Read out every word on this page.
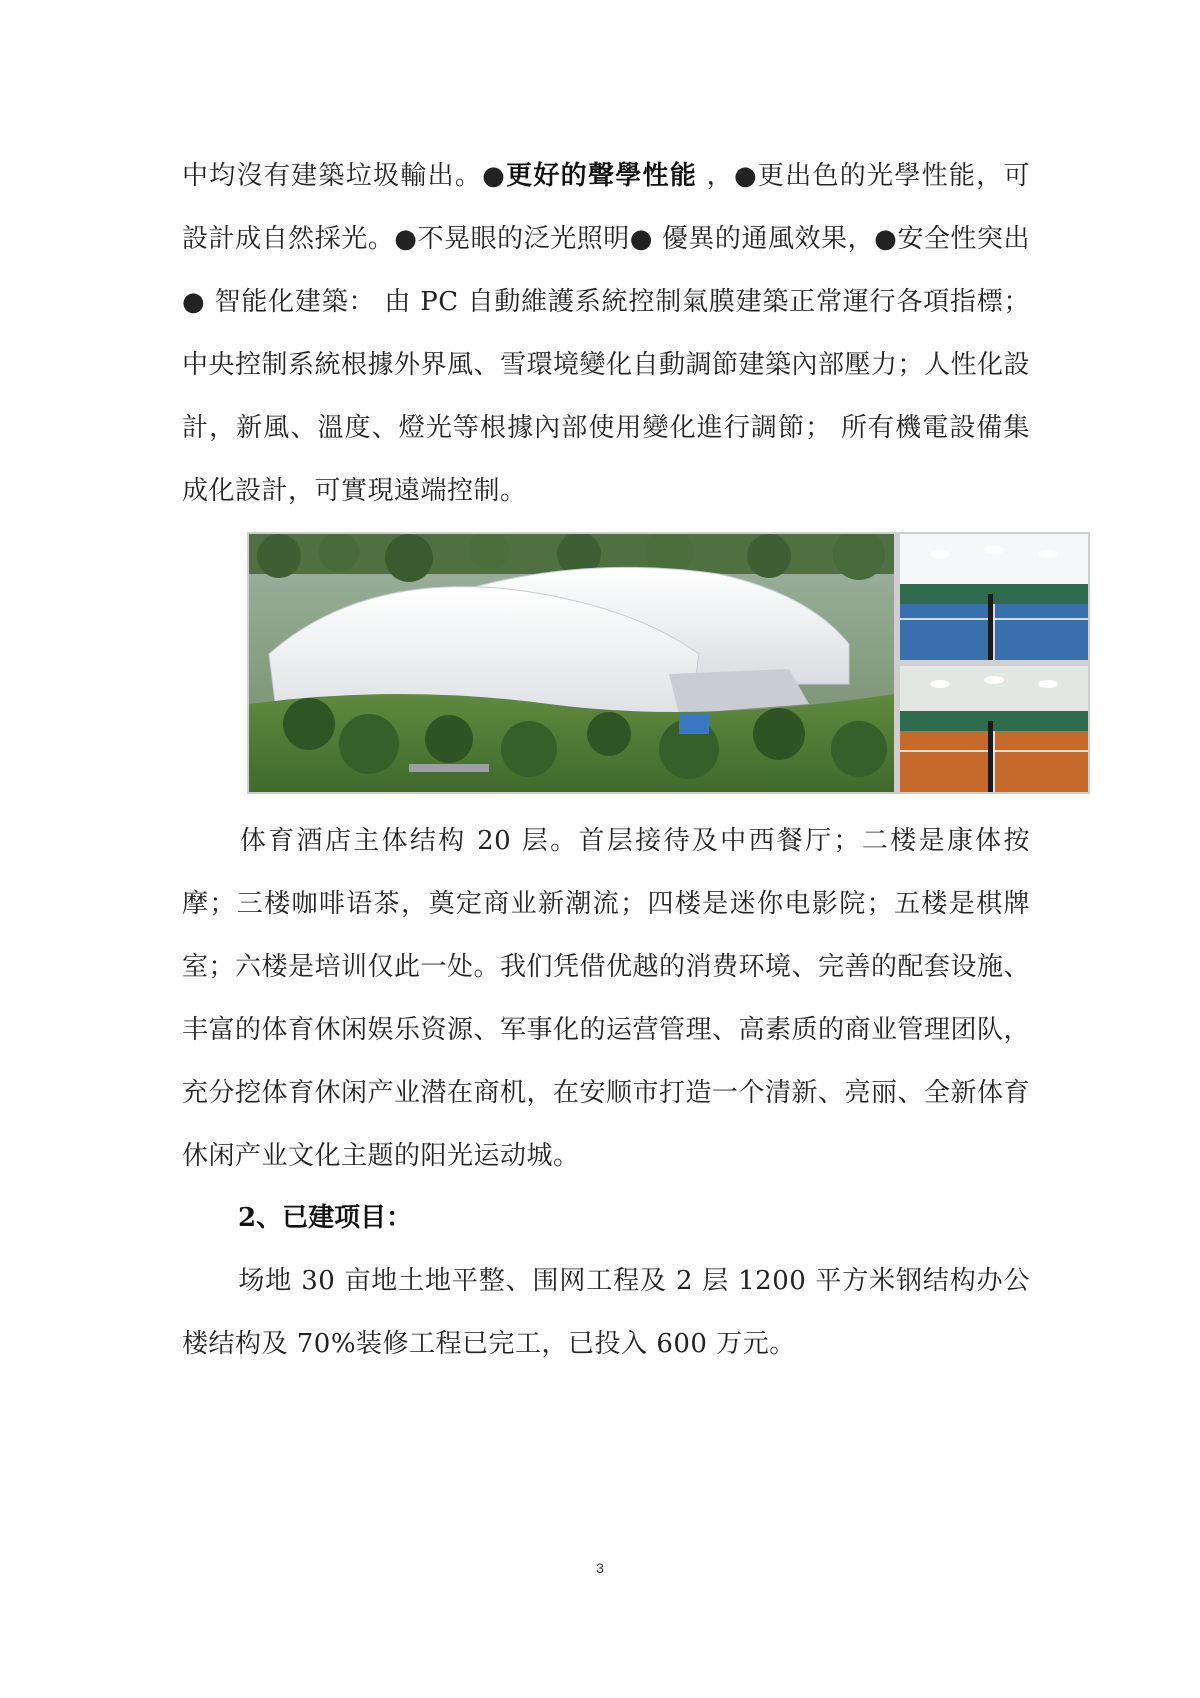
中均沒有建築垃圾輸出。●更好的聲學性能 ，●更出色的光學性能，可設計成自然採光。●不晃眼的泛光照明● 優異的通風效果，●安全性突出● 智能化建築： 由 PC 自動維護系統控制氣膜建築正常運行各項指標；中央控制系統根據外界風、雪環境變化自動調節建築內部壓力；人性化設計，新風、溫度、燈光等根據內部使用變化進行調節； 所有機電設備集成化設計，可實現遠端控制。
体育酒店主体结构 20 层。首层接待及中西餐厅；二楼是康体按摩；三楼咖啡语茶，奠定商业新潮流；四楼是迷你电影院；五楼是棋牌室；六楼是培训仅此一处。我们凭借优越的消费环境、完善的配套设施、丰富的体育休闲娱乐资源、军事化的运营管理、高素质的商业管理团队，充分挖体育休闲产业潜在商机，在安顺市打造一个清新、亮丽、全新体育休闲产业文化主题的阳光运动城。
2、已建项目：
场地 30 亩地土地平整、围网工程及 2 层 1200 平方米钢结构办公楼结构及 70%装修工程已完工，已投入 600 万元。
3
